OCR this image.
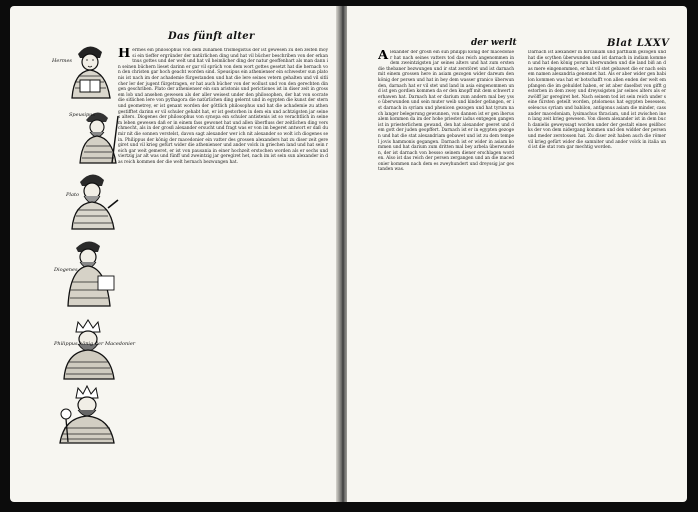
Das fünft alter
Hermes
Speusipus
Plato
Diogenes
Philippus könig der Macedonier

Hermes ein philosophus von dem zunamen trismegistus der ist gewesen zu den zeiten moysi ein tieffer ergründer der natürlichen ding und hat vil bücher beschriben von der erkantnus gottes und der welt und hat vil heimlicher ding der natur geoffenbart als man dann in seinen büchern lieset darinn er gar vil sprüch von dem wort gottes gesetzt hat die hernach von den christen gar hoch geacht worden sind. Speusipus ein athenienser ein schwester sun platonis ist nach im der achademie fürgestanden und hat die lere seines vetern gehalten und vil sitlicher ler der jugent fürgetragen, er hat auch bücher von der wollust und von den gerechten dingen geschriben. Plato der athenienser ein sun aristonis und perictiones ist in diser zeit in grossem lob und ansehen gewesen als der aller weisest under den philosophen, der hat von socrate die sitlichen lere von pythagora die natürlichen ding gelernt und in egypten die kunst der stern und geometrey, er ist genant worden der göttlich philosophus und hat die achademie zu athen gestifftet darinn er vil schuler gehabt hat, er ist gestorben in dem ein und achtzigsten jar seines alters. Diogenes der philosophus von synopa ein schuler antistenis ist so verachtlich in seinem leben gewesen daß er in einem fass gewonet hat und allen überfluss der zeitlichen ding verschmecht, als in der grosß alexander ersucht und fragt was er von im begeret antwort er daß du mir nit die sonnen verstelst, davon sagt alexander wer ich nit alexander so wolt ich diogenes sein. Philippus der könig der macedonier ein vatter des grossen alexanders hat zu diser zeit geregiret und vil krieg gefürt wider die athenienser und ander volck in griechen land und hat sein reich gar weit gemeret, er ist von pausania in einer hochzeit erstochen worden als er sechs und viertzig jar alt was und fünff und zweintzig jar geregiret het, nach im ist sein sun alexander in das reich kommen der die welt hernach bezwungen hat.

der werlt	Blat LXXV

Alexander der grosß ein sun philippi könig der macedonier hat nach seines vatters tod das reich angenommen in dem zweintzigsten jar seines alters und hat zum ersten die thebaner bezwungen und ir stat zerstöret und ist darnach mit einem grossen here in asiam gezogen wider dareum den könig der persen und hat in bey dem wasser granico überwunden, darnach hat er vil stet und land in asia eingenommen und ist gen gordien kommen da er den knopff mit dem schwert zerhawen hat. Darnach hat er darium zum andern mal bey ysso überwunden und sein muter weib und kinder gefangen, er ist darnach in syriam und phenicen gezogen und hat tyrum nach langer belegerung gewunnen, von dannen ist er gen iherusalem kommen da im der hohe priester iadus entgegen gangen ist in priesterlichem gewand, den hat alexander geeret und dem gott der juden geopffert. Darnach ist er in egypten gezogen und hat die stat alexandriam gebawet und ist zu dem tempel jovis hammonis gegangen. Darnach ist er wider in asiam kommen und hat darium zum dritten mal bey arbela überwunden, der ist darnach von bessso seinem diener erschlagen worden. Also ist das reich der persen zergangen und an die macedonier kommen nach dem es zweyhundert und dreyssig jar gestanden was.

Darnach ist alexander in hircaniam und parthiam gezogen und hat die scythen überwunden und ist darnach in indiam kommen und hat den könig porum überwunden und die land biß an das mere eingenommen, er hat vil stet gebawet die er nach seinem namen alexandria genennet hat. Als er aber wider gen babilon kommen was hat er botschafft von allen enden der welt empfangen die im gehuldet haben, er ist aber daselbst von gifft gestorben in dem zwey und dreyssigsten jar seines alters als er zwölff jar geregiret het. Nach seinem tod ist sein reich under seine fürsten geteilt worden, ptolomeus hat egypten besessen, seleucus syriam und babilon, antigonus asiam die minder, cassander macedoniam, lysimachus thraciam, und ist zwischen inen lang zeit krieg gewesen. Von disem alexander ist in dem buch danielis geweyssagt worden under der gestalt eines geißbocks der von dem nidergang kommen und den widder der persen und meder zerstossen hat. Zu diser zeit haben auch die römer vil krieg gefürt wider die samniter und ander volck in italia und ist die stat rom gar mechtig worden.
